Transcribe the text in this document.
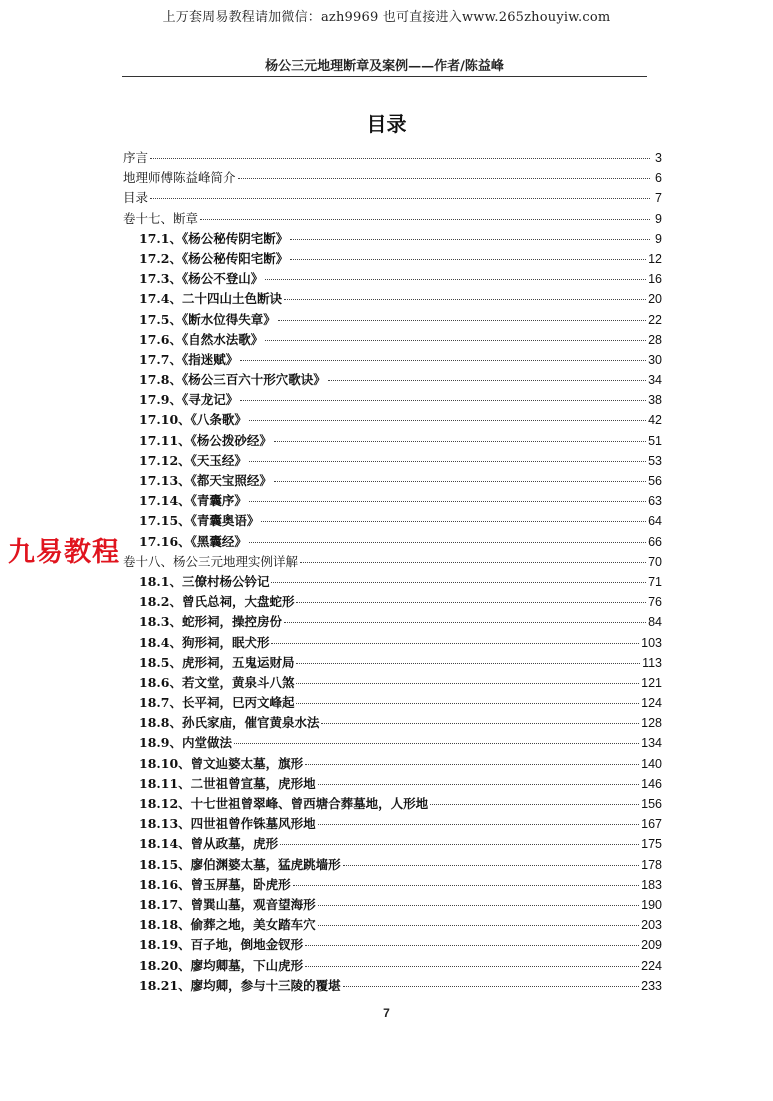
上万套周易教程请加微信：azh9969 也可直接进入www.265zhouyiw.com
杨公三元地理断章及案例——作者/陈益峰
目录
序言	3
地理师傅陈益峰简介	6
目录	7
卷十七、断章	9
17.1、《杨公秘传阴宅断》	9
17.2、《杨公秘传阳宅断》	12
17.3、《杨公不登山》	16
17.4、二十四山土色断诀	20
17.5、《断水位得失章》	22
17.6、《自然水法歌》	28
17.7、《指迷赋》	30
17.8、《杨公三百六十形穴歌诀》	34
17.9、《寻龙记》	38
17.10、《八条歌》	42
17.11、《杨公拨砂经》	51
17.12、《天玉经》	53
17.13、《都天宝照经》	56
17.14、《青囊序》	63
17.15、《青囊奥语》	64
17.16、《黑囊经》	66
卷十八、杨公三元地理实例详解	70
18.1、三僚村杨公钤记	71
18.2、曾氏总祠，大盘蛇形	76
18.3、蛇形祠，操控房份	84
18.4、狗形祠，眠犬形	103
18.5、虎形祠，五鬼运财局	113
18.6、若文堂，黄泉斗八煞	121
18.7、长平祠，巳丙文峰起	124
18.8、孙氏家庙，催官黄泉水法	128
18.9、内堂做法	134
18.10、曾文辿婆太墓，旗形	140
18.11、二世祖曾宣墓，虎形地	146
18.12、十七世祖曾翠峰、曾西塘合葬墓地，人形地	156
18.13、四世祖曾作铢墓风形地	167
18.14、曾从政墓，虎形	175
18.15、廖伯渊婆太墓，猛虎跳墙形	178
18.16、曾玉屏墓，卧虎形	183
18.17、曾巽山墓，观音望海形	190
18.18、偷葬之地，美女踏车穴	203
18.19、百子地，倒地金钗形	209
18.20、廖均卿墓，下山虎形	224
18.21、廖均卿，参与十三陵的覆堪	233
九易教程
7
